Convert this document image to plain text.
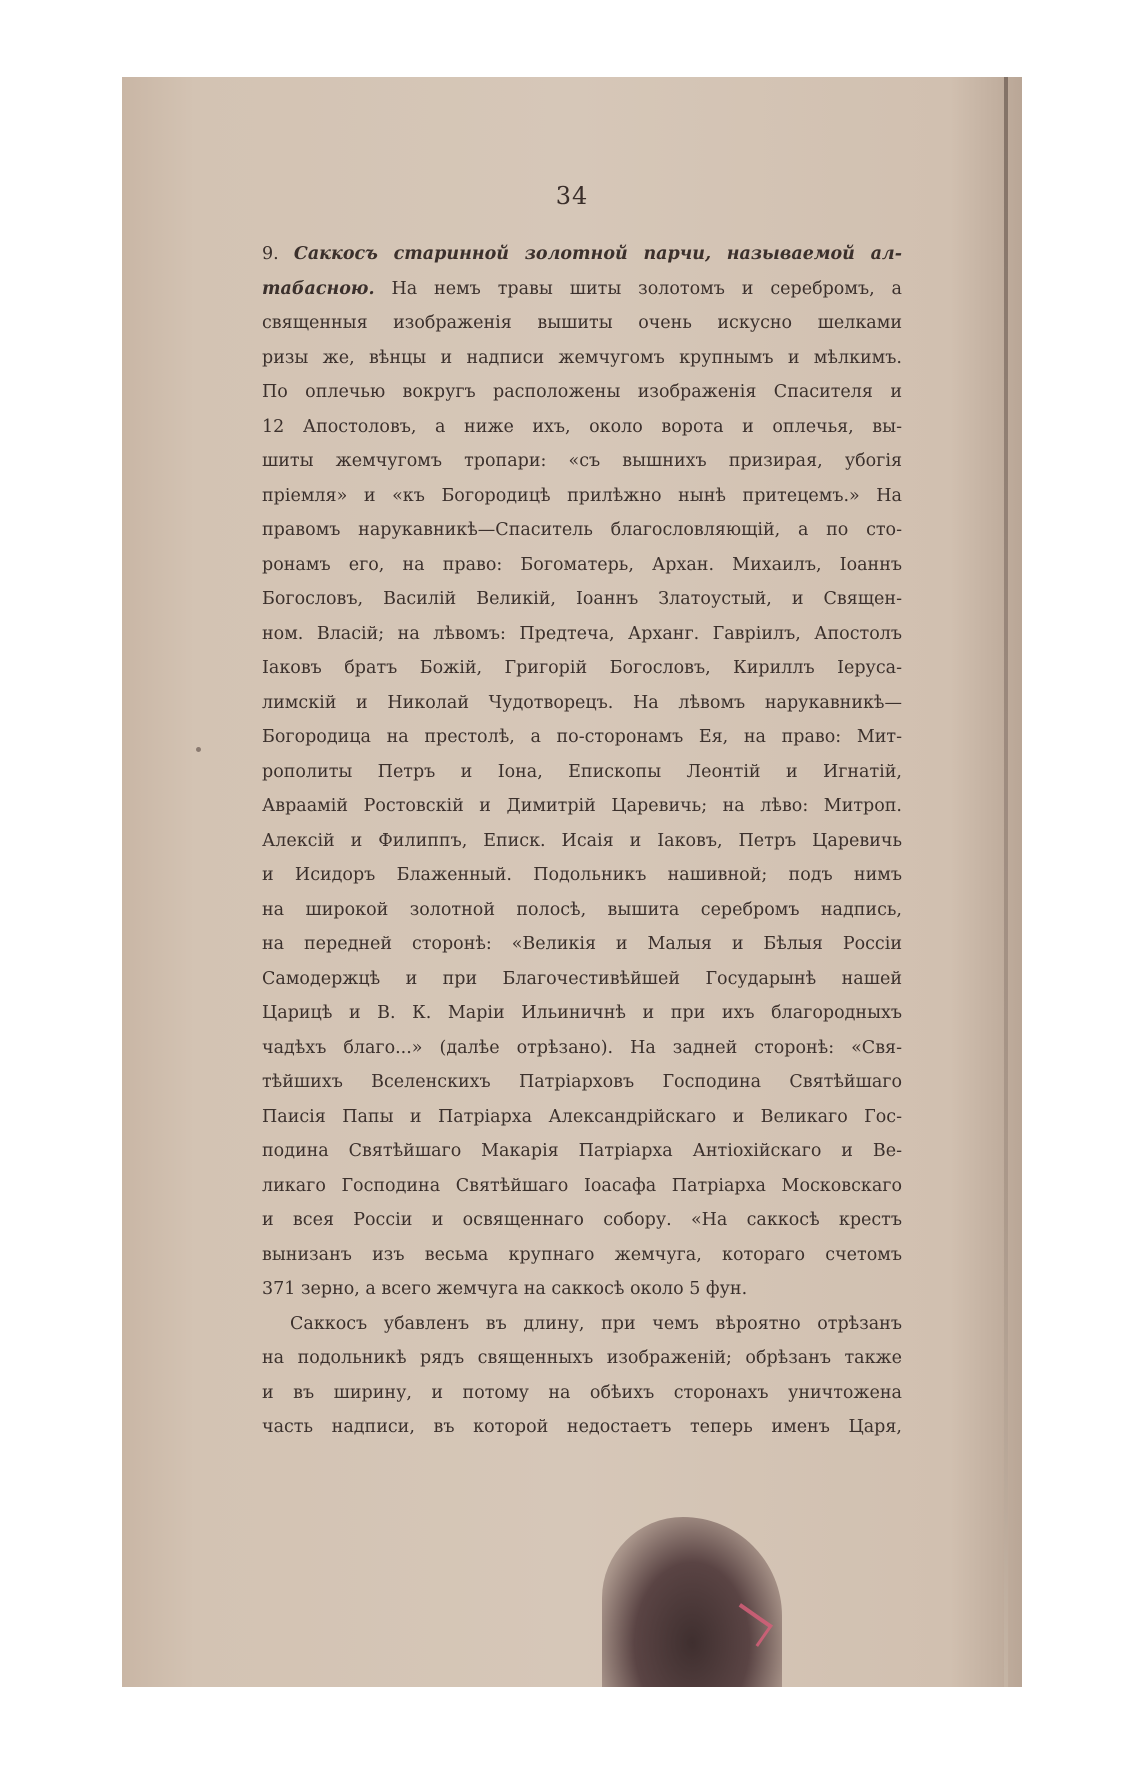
34
9. Саккосъ старинной золотной парчи, называемой ал-
табасною. На немъ травы шиты золотомъ и серебромъ, а
священныя изображенія вышиты очень искусно шелками
ризы же, вѣнцы и надписи жемчугомъ крупнымъ и мѣлкимъ.
По оплечью вокругъ расположены изображенія Спасителя и
12 Апостоловъ, а ниже ихъ, около ворота и оплечья, вы-
шиты жемчугомъ тропари: «съ вышнихъ призирая, убогія
пріемля» и «къ Богородицѣ прилѣжно нынѣ притецемъ.» На
правомъ нарукавникѣ—Спаситель благословляющій, а по сто-
ронамъ его, на право: Богоматерь, Архан. Михаилъ, Іоаннъ
Богословъ, Василій Великій, Іоаннъ Златоустый, и Священ-
ном. Власій; на лѣвомъ: Предтеча, Арханг. Гавріилъ, Апостолъ
Іаковъ братъ Божій, Григорій Богословъ, Кириллъ Іеруса-
лимскій и Николай Чудотворецъ. На лѣвомъ нарукавникѣ—
Богородица на престолѣ, а по-сторонамъ Ея, на право: Мит-
рополиты Петръ и Іона, Епископы Леонтій и Игнатій,
Авраамій Ростовскій и Димитрій Царевичь; на лѣво: Митроп.
Алексій и Филиппъ, Еписк. Исаія и Іаковъ, Петръ Царевичь
и Исидоръ Блаженный. Подольникъ нашивной; подъ нимъ
на широкой золотной полосѣ, вышита серебромъ надпись,
на передней сторонѣ: «Великія и Малыя и Бѣлыя Россіи
Самодержцѣ и при Благочестивѣйшей Государынѣ нашей
Царицѣ и В. К. Маріи Ильиничнѣ и при ихъ благородныхъ
чадѣхъ благо...» (далѣе отрѣзано). На задней сторонѣ: «Свя-
тѣйшихъ Вселенскихъ Патріарховъ Господина Святѣйшаго
Паисія Папы и Патріарха Александрійскаго и Великаго Гос-
подина Святѣйшаго Макарія Патріарха Антіохійскаго и Ве-
ликаго Господина Святѣйшаго Іоасафа Патріарха Московскаго
и всея Россіи и освященнаго собору. «На саккосѣ крестъ
вынизанъ изъ весьма крупнаго жемчуга, котораго счетомъ
371 зерно, а всего жемчуга на саккосѣ около 5 фун.
Саккосъ убавленъ въ длину, при чемъ вѣроятно отрѣзанъ
на подольникѣ рядъ священныхъ изображеній; обрѣзанъ также
и въ ширину, и потому на обѣихъ сторонахъ уничтожена
часть надписи, въ которой недостаетъ теперь именъ Царя,
